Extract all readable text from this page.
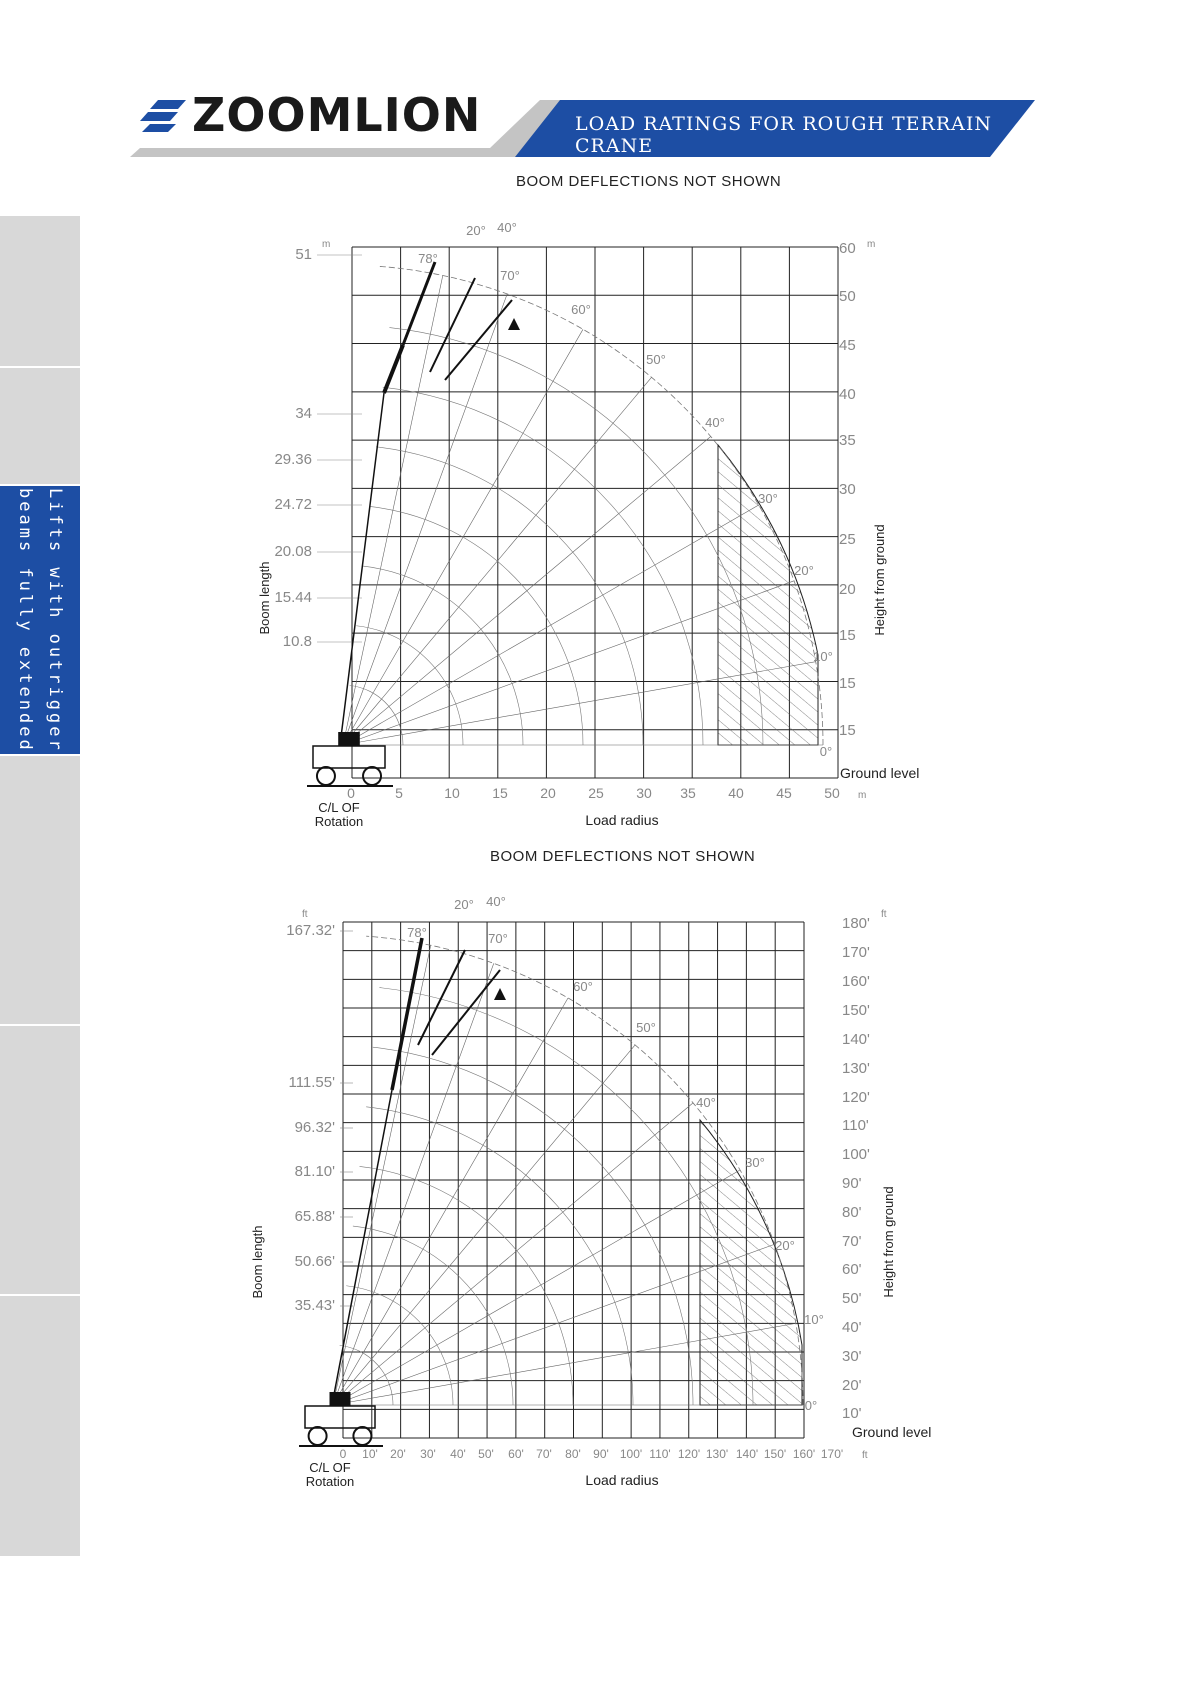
ZOOMLION	LOAD RATINGS FOR ROUGH TERRAIN CRANE
Lifts with outrigger beams fully extended
BOOM DEFLECTIONS NOT SHOWN
BOOM DEFLECTIONS NOT SHOWN
51
34
29.36
24.72
20.08
15.44
10.8
m	60
50
45
40
35
30
25
20
15
15
15
m
0	5	10 15 20 25 30 35 40 45 50 m
78°
20° 40°
70°
60°
50°
40°
30°
20°
10°
0°
Boom length	Height from ground
Ground level
Load radius
C/L OF Rotation
167.32'
111.55'
96.32'
81.10'
65.88'
50.66'
35.43'
ft
180'
170'
160'
150'
140'
130'
120'
110'
100'
90'
80'
70'
60'
50'
40'
30'
20'
10'
ft
0 10' 20' 30' 40' 50' 60' 70' 80' 90' 100' 110' 120' 130' 140' 150' 160' 170' ft
78°
20° 40°
70°
60°
50°
40°
30°
20°
10°
0°
Boom length	Height from ground
Ground level
Load radius
C/L OF Rotation
